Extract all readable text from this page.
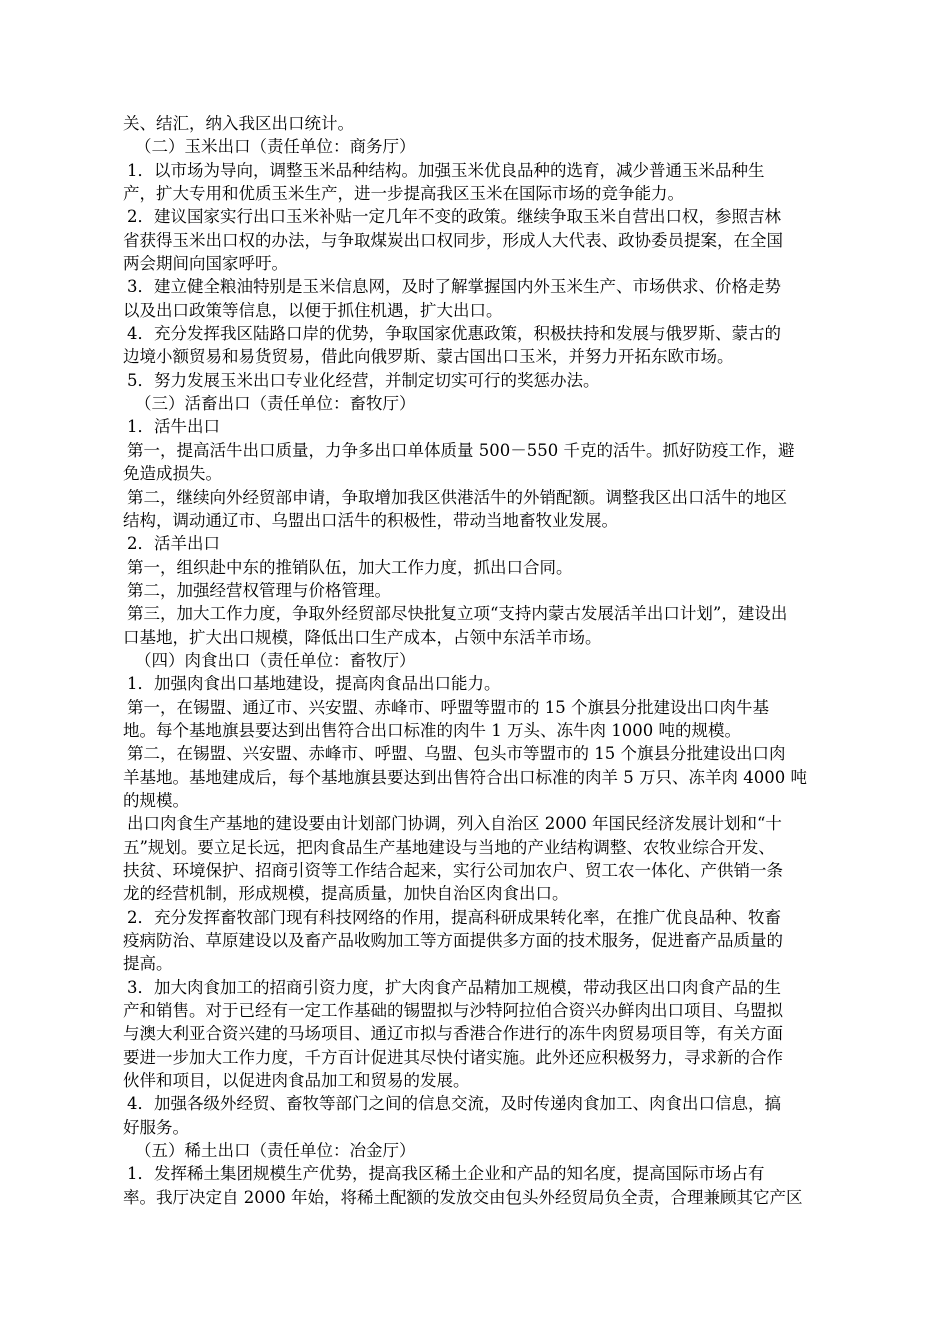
关、结汇，纳入我区出口统计。
（二）玉米出口（责任单位：商务厅）
1．以市场为导向，调整玉米品种结构。加强玉米优良品种的选育，减少普通玉米品种生
产，扩大专用和优质玉米生产，进一步提高我区玉米在国际市场的竞争能力。
2．建议国家实行出口玉米补贴一定几年不变的政策。继续争取玉米自营出口权，参照吉林
省获得玉米出口权的办法，与争取煤炭出口权同步，形成人大代表、政协委员提案，在全国
两会期间向国家呼吁。
3．建立健全粮油特别是玉米信息网，及时了解掌握国内外玉米生产、市场供求、价格走势
以及出口政策等信息，以便于抓住机遇，扩大出口。
4．充分发挥我区陆路口岸的优势，争取国家优惠政策，积极扶持和发展与俄罗斯、蒙古的
边境小额贸易和易货贸易，借此向俄罗斯、蒙古国出口玉米，并努力开拓东欧市场。
5．努力发展玉米出口专业化经营，并制定切实可行的奖惩办法。
（三）活畜出口（责任单位：畜牧厅）
1．活牛出口
第一，提高活牛出口质量，力争多出口单体质量 500－550 千克的活牛。抓好防疫工作，避
免造成损失。
第二，继续向外经贸部申请，争取增加我区供港活牛的外销配额。调整我区出口活牛的地区
结构，调动通辽市、乌盟出口活牛的积极性，带动当地畜牧业发展。
2．活羊出口
第一，组织赴中东的推销队伍，加大工作力度，抓出口合同。
第二，加强经营权管理与价格管理。
第三，加大工作力度，争取外经贸部尽快批复立项“支持内蒙古发展活羊出口计划”，建设出
口基地，扩大出口规模，降低出口生产成本，占领中东活羊市场。
（四）肉食出口（责任单位：畜牧厅）
1．加强肉食出口基地建设，提高肉食品出口能力。
第一，在锡盟、通辽市、兴安盟、赤峰市、呼盟等盟市的 15 个旗县分批建设出口肉牛基
地。每个基地旗县要达到出售符合出口标准的肉牛 1 万头、冻牛肉 1000 吨的规模。
第二，在锡盟、兴安盟、赤峰市、呼盟、乌盟、包头市等盟市的 15 个旗县分批建设出口肉
羊基地。基地建成后，每个基地旗县要达到出售符合出口标准的肉羊 5 万只、冻羊肉 4000 吨
的规模。
出口肉食生产基地的建设要由计划部门协调，列入自治区 2000 年国民经济发展计划和“十
五”规划。要立足长远，把肉食品生产基地建设与当地的产业结构调整、农牧业综合开发、
扶贫、环境保护、招商引资等工作结合起来，实行公司加农户、贸工农一体化、产供销一条
龙的经营机制，形成规模，提高质量，加快自治区肉食出口。
2．充分发挥畜牧部门现有科技网络的作用，提高科研成果转化率，在推广优良品种、牧畜
疫病防治、草原建设以及畜产品收购加工等方面提供多方面的技术服务，促进畜产品质量的
提高。
3．加大肉食加工的招商引资力度，扩大肉食产品精加工规模，带动我区出口肉食产品的生
产和销售。对于已经有一定工作基础的锡盟拟与沙特阿拉伯合资兴办鲜肉出口项目、乌盟拟
与澳大利亚合资兴建的马场项目、通辽市拟与香港合作进行的冻牛肉贸易项目等，有关方面
要进一步加大工作力度，千方百计促进其尽快付诸实施。此外还应积极努力，寻求新的合作
伙伴和项目，以促进肉食品加工和贸易的发展。
4．加强各级外经贸、畜牧等部门之间的信息交流，及时传递肉食加工、肉食出口信息，搞
好服务。
（五）稀土出口（责任单位：冶金厅）
1．发挥稀土集团规模生产优势，提高我区稀土企业和产品的知名度，提高国际市场占有
率。我厅决定自 2000 年始，将稀土配额的发放交由包头外经贸局负全责，合理兼顾其它产区
